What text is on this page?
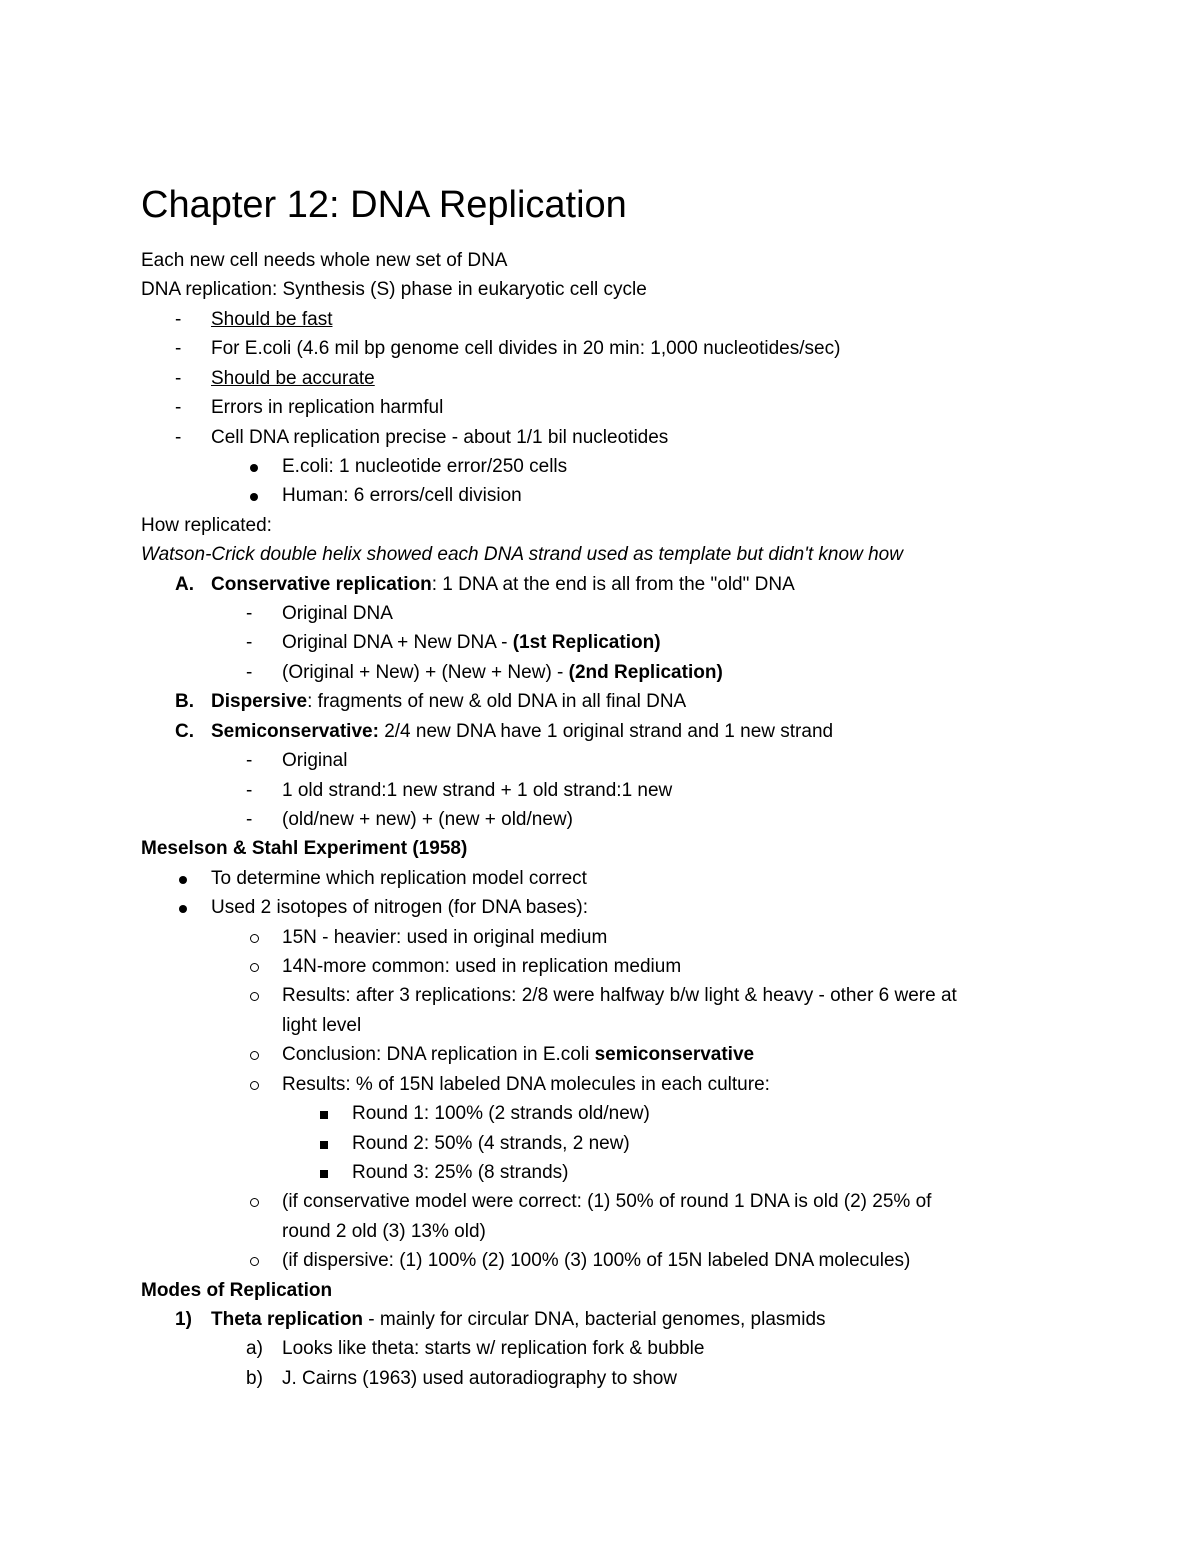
Chapter 12: DNA Replication
Each new cell needs whole new set of DNA
DNA replication: Synthesis (S) phase in eukaryotic cell cycle
- Should be fast
- For E.coli (4.6 mil bp genome cell divides in 20 min: 1,000 nucleotides/sec)
- Should be accurate
- Errors in replication harmful
- Cell DNA replication precise - about 1/1 bil nucleotides
E.coli: 1 nucleotide error/250 cells
Human: 6 errors/cell division
How replicated:
Watson-Crick double helix showed each DNA strand used as template but didn't know how
A. Conservative replication: 1 DNA at the end is all from the "old" DNA
- Original DNA
- Original DNA + New DNA - (1st Replication)
- (Original + New) + (New + New) - (2nd Replication)
B. Dispersive: fragments of new & old DNA in all final DNA
C. Semiconservative: 2/4 new DNA have 1 original strand and 1 new strand
- Original
- 1 old strand:1 new strand + 1 old strand:1 new
- (old/new + new) + (new + old/new)
Meselson & Stahl Experiment (1958)
To determine which replication model correct
Used 2 isotopes of nitrogen (for DNA bases):
15N - heavier: used in original medium
14N-more common: used in replication medium
Results: after 3 replications: 2/8 were halfway b/w light & heavy - other 6 were at
light level
Conclusion: DNA replication in E.coli semiconservative
Results: % of 15N labeled DNA molecules in each culture:
Round 1: 100% (2 strands old/new)
Round 2: 50% (4 strands, 2 new)
Round 3: 25% (8 strands)
(if conservative model were correct: (1) 50% of round 1 DNA is old (2) 25% of
round 2 old (3) 13% old)
(if dispersive: (1) 100% (2) 100% (3) 100% of 15N labeled DNA molecules)
Modes of Replication
1) Theta replication - mainly for circular DNA, bacterial genomes, plasmids
a) Looks like theta: starts w/ replication fork & bubble
b) J. Cairns (1963) used autoradiography to show
